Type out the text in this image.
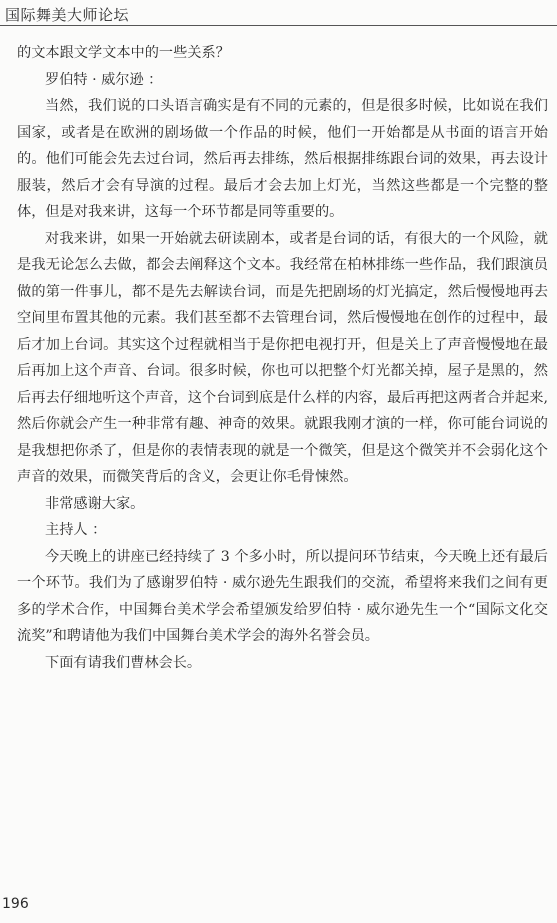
国际舞美大师论坛

的文本跟文学文本中的一些关系？

罗伯特 · 威尔逊 ：

当然，我们说的口头语言确实是有不同的元素的，但是很多时候，比如说在我们国家，或者是在欧洲的剧场做一个作品的时候，他们一开始都是从书面的语言开始的。他们可能会先去过台词，然后再去排练，然后根据排练跟台词的效果，再去设计服装，然后才会有导演的过程。最后才会去加上灯光，当然这些都是一个完整的整体，但是对我来讲，这每一个环节都是同等重要的。

对我来讲，如果一开始就去研读剧本，或者是台词的话，有很大的一个风险，就是我无论怎么去做，都会去阐释这个文本。我经常在柏林排练一些作品，我们跟演员做的第一件事儿，都不是先去解读台词，而是先把剧场的灯光搞定，然后慢慢地再去空间里布置其他的元素。我们甚至都不去管理台词，然后慢慢地在创作的过程中，最后才加上台词。其实这个过程就相当于是你把电视打开，但是关上了声音慢慢地在最后再加上这个声音、台词。很多时候，你也可以把整个灯光都关掉，屋子是黑的，然后再去仔细地听这个声音，这个台词到底是什么样的内容，最后再把这两者合并起来,然后你就会产生一种非常有趣、神奇的效果。就跟我刚才演的一样，你可能台词说的是我想把你杀了，但是你的表情表现的就是一个微笑，但是这个微笑并不会弱化这个声音的效果，而微笑背后的含义，会更让你毛骨悚然。

非常感谢大家。

主持人 ：

今天晚上的讲座已经持续了 3 个多小时，所以提问环节结束，今天晚上还有最后一个环节。我们为了感谢罗伯特 · 威尔逊先生跟我们的交流，希望将来我们之间有更多的学术合作，中国舞台美术学会希望颁发给罗伯特 · 威尔逊先生一个“国际文化交流奖”和聘请他为我们中国舞台美术学会的海外名誉会员。

下面有请我们曹林会长。

196
